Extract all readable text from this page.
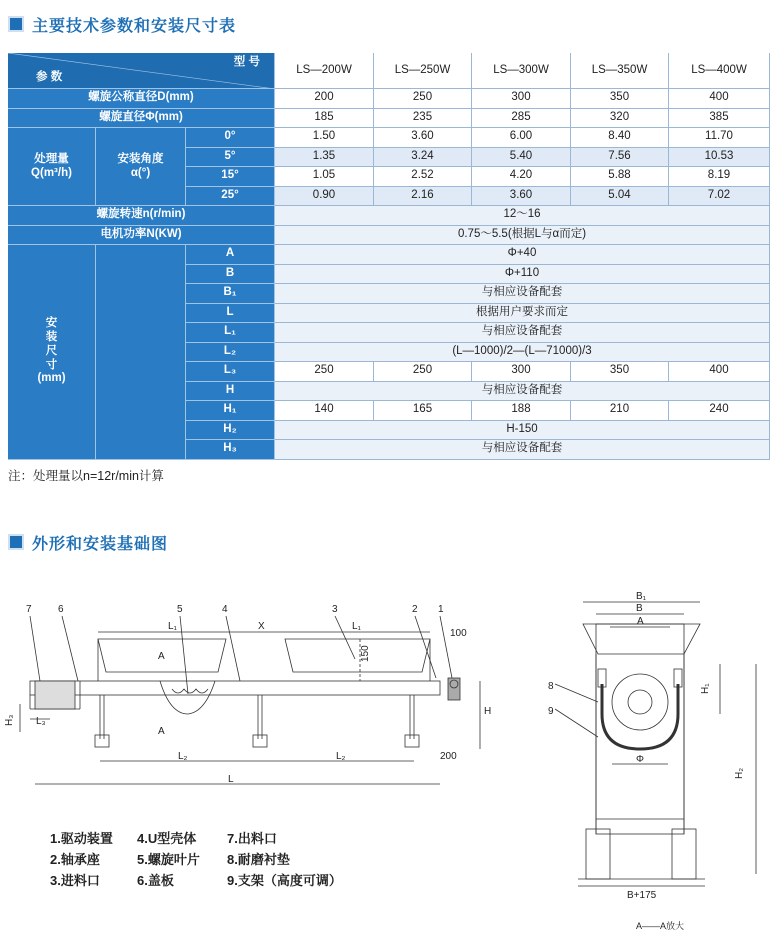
主要技术参数和安装尺寸表
型 号
参 数
LS—200W	LS—250W	LS—300W	LS—350W	LS—400W
螺旋公称直径D(mm)	200	250	300	350	400
螺旋直径Φ(mm)	185	235	285	320	385
处理量
Q(m³/h)
安装角度
α(°)
0°	1.50	3.60	6.00	8.40	11.70
5°	1.35	3.24	5.40	7.56	10.53
15°	1.05	2.52	4.20	5.88	8.19
25°	0.90	2.16	3.60	5.04	7.02
螺旋转速n(r/min)	12～16
电机功率N(KW)	0.75～5.5(根据L与α而定)
安
装
尺
寸
(mm)
A	Φ+40
B	Φ+110
B₁	与相应设备配套
L	根据用户要求而定
L₁	与相应设备配套
L₂	(L—1000)/2—(L—71000)/3
L₃	250	250	300	350	400
H	与相应设备配套
H₁	140	165	188	210	240
H₂	H-150
H₃	与相应设备配套
注：处理量以n=12r/min计算
外形和安装基础图
7	6	5	4	3	2 1
8
9
L₁	X	L₁
100
150
H
H₃ L₃
L₂	L₂	200
L
A
A
B₁
B
A
H₁
Φ
H₂
B+175
A——A放大
1.驱动装置	4.U型壳体	7.出料口
2.轴承座	5.螺旋叶片	8.耐磨衬垫
3.进料口	6.盖板	9.支架（高度可调）
